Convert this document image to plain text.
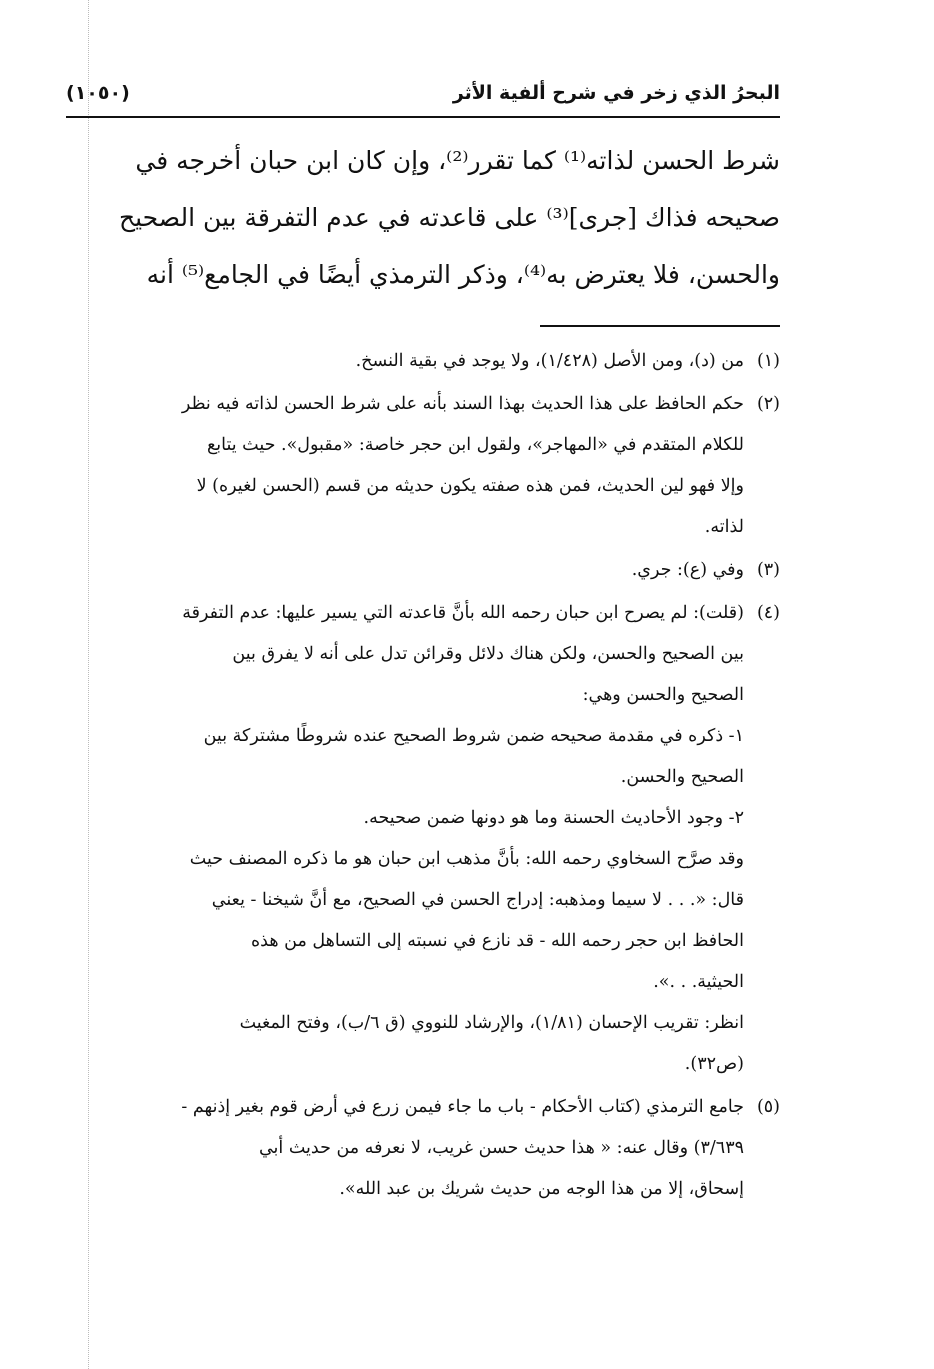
البحرُ الذي زخر في شرح ألفية الأثر
(١٠٥٠)

شرط الحسن لذاته⁽¹⁾ كما تقرر⁽²⁾، وإن كان ابن حبان أخرجه في

صحيحه فذاك [جرى]⁽³⁾ على قاعدته في عدم التفرقة بين الصحيح

والحسن، فلا يعترض به⁽⁴⁾، وذكر الترمذي أيضًا في الجامع⁽⁵⁾ أنه

(١)
من (د)، ومن الأصل (١/٤٢٨)، ولا يوجد في بقية النسخ.
(٢)
حكم الحافظ على هذا الحديث بهذا السند بأنه على شرط الحسن لذاته فيه نظر
للكلام المتقدم في «المهاجر»، ولقول ابن حجر خاصة: «مقبول». حيث يتابع
وإلا فهو لين الحديث، فمن هذه صفته يكون حديثه من قسم (الحسن لغيره) لا
لذاته.
(٣)
وفي (ع): جري.
(٤)
(قلت): لم يصرح ابن حبان رحمه الله بأنَّ قاعدته التي يسير عليها: عدم التفرقة
بين الصحيح والحسن، ولكن هناك دلائل وقرائن تدل على أنه لا يفرق بين
الصحيح والحسن وهي:
١- ذكره في مقدمة صحيحه ضمن شروط الصحيح عنده شروطًا مشتركة بين
الصحيح والحسن.
٢- وجود الأحاديث الحسنة وما هو دونها ضمن صحيحه.
وقد صرَّح السخاوي رحمه الله: بأنَّ مذهب ابن حبان هو ما ذكره المصنف حيث
قال: «. . . لا سيما ومذهبه: إدراج الحسن في الصحيح، مع أنَّ شيخنا - يعني
الحافظ ابن حجر رحمه الله - قد نازع في نسبته إلى التساهل من هذه
الحيثية. . .».
انظر: تقريب الإحسان (١/٨١)، والإرشاد للنووي (ق ٦/ب)، وفتح المغيث
(ص٣٢).
(٥)
جامع الترمذي (كتاب الأحكام - باب ما جاء فيمن زرع في أرض قوم بغير إذنهم -
٣/٦٣٩) وقال عنه: « هذا حديث حسن غريب، لا نعرفه من حديث أبي
إسحاق، إلا من هذا الوجه من حديث شريك بن عبد الله».
